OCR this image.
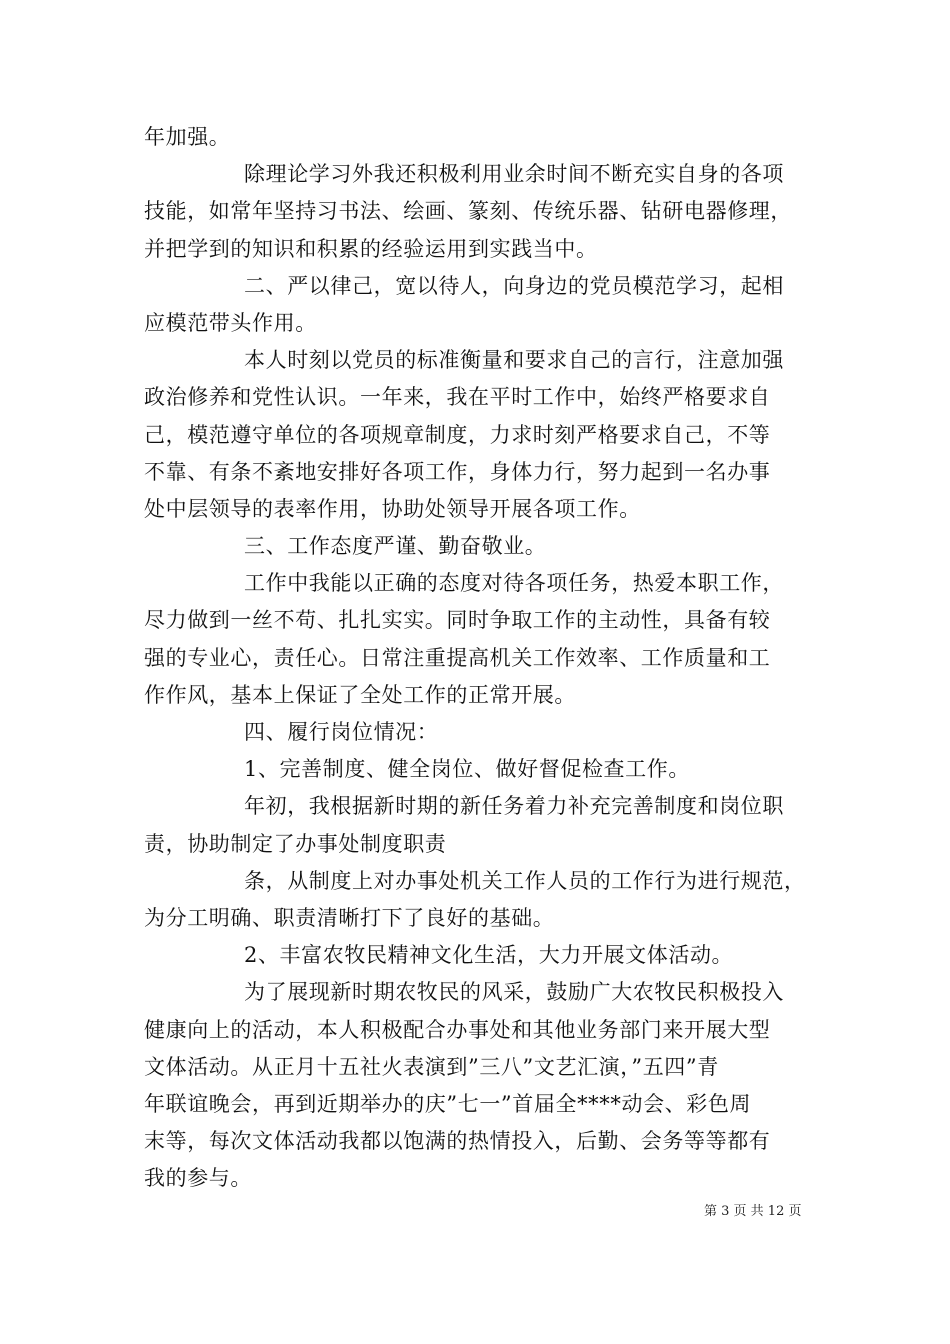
年加强。
除理论学习外我还积极利用业余时间不断充实自身的各项
技能，如常年坚持习书法、绘画、篆刻、传统乐器、钻研电器修理，
并把学到的知识和积累的经验运用到实践当中。
二、严以律己，宽以待人，向身边的党员模范学习，起相
应模范带头作用。
本人时刻以党员的标准衡量和要求自己的言行，注意加强
政治修养和党性认识。一年来，我在平时工作中，始终严格要求自
己，模范遵守单位的各项规章制度，力求时刻严格要求自己，不等
不靠、有条不紊地安排好各项工作，身体力行，努力起到一名办事
处中层领导的表率作用，协助处领导开展各项工作。
三、工作态度严谨、勤奋敬业。
工作中我能以正确的态度对待各项任务，热爱本职工作，
尽力做到一丝不苟、扎扎实实。同时争取工作的主动性，具备有较
强的专业心，责任心。日常注重提高机关工作效率、工作质量和工
作作风，基本上保证了全处工作的正常开展。
四、履行岗位情况：
1、完善制度、健全岗位、做好督促检查工作。
年初，我根据新时期的新任务着力补充完善制度和岗位职
责，协助制定了办事处制度职责
条，从制度上对办事处机关工作人员的工作行为进行规范，
为分工明确、职责清晰打下了良好的基础。
2、丰富农牧民精神文化生活，大力开展文体活动。
为了展现新时期农牧民的风采，鼓励广大农牧民积极投入
健康向上的活动，本人积极配合办事处和其他业务部门来开展大型
文体活动。从正月十五社火表演到”三八”文艺汇演，”五四”青
年联谊晚会，再到近期举办的庆”七一”首届全****动会、彩色周
末等，每次文体活动我都以饱满的热情投入，后勤、会务等等都有
我的参与。
第 3 页 共 12 页
